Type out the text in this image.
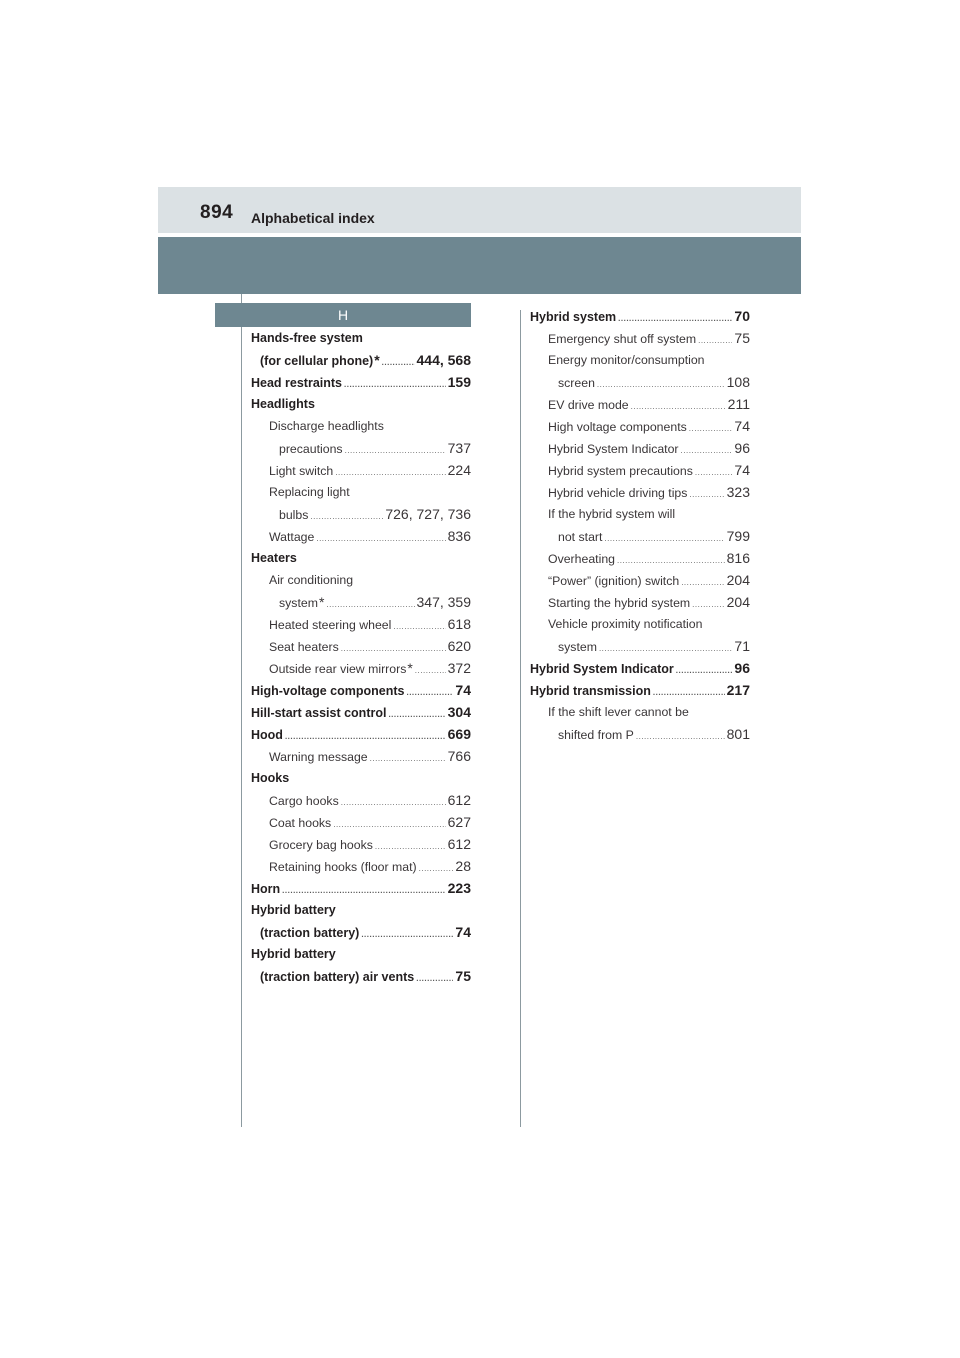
894 Alphabetical index
H
Hands-free system
(for cellular phone) * .....	444, 568
Head restraints .....	159
Headlights
Discharge headlights
precautions .....	737
Light switch .....	224
Replacing light
bulbs .....	726, 727, 736
Wattage .....	836
Heaters
Air conditioning
system * .....	347, 359
Heated steering wheel .....	618
Seat heaters .....	620
Outside rear view mirrors * ..... 372
High-voltage components .....	74
Hill-start assist control .....	304
Hood .....	669
Warning message .....	766
Hooks
Cargo hooks .....	612
Coat hooks .....	627
Grocery bag hooks .....	612
Retaining hooks (floor mat) .....	28
Horn .....	223
Hybrid battery
(traction battery) .....	74
Hybrid battery
(traction battery) air vents .....	75
Hybrid system .....	70
Emergency shut off system .....	75
Energy monitor/consumption
screen .....	108
EV drive mode .....	211
High voltage components .....	74
Hybrid System Indicator .....	96
Hybrid system precautions .....	74
Hybrid vehicle driving tips .....	323
If the hybrid system will
not start .....	799
Overheating .....	816
“Power” (ignition) switch .....	204
Starting the hybrid system .....	204
Vehicle proximity notification
system .....	71
Hybrid System Indicator .....	96
Hybrid transmission .....	217
If the shift lever cannot be
shifted from P .....	801
